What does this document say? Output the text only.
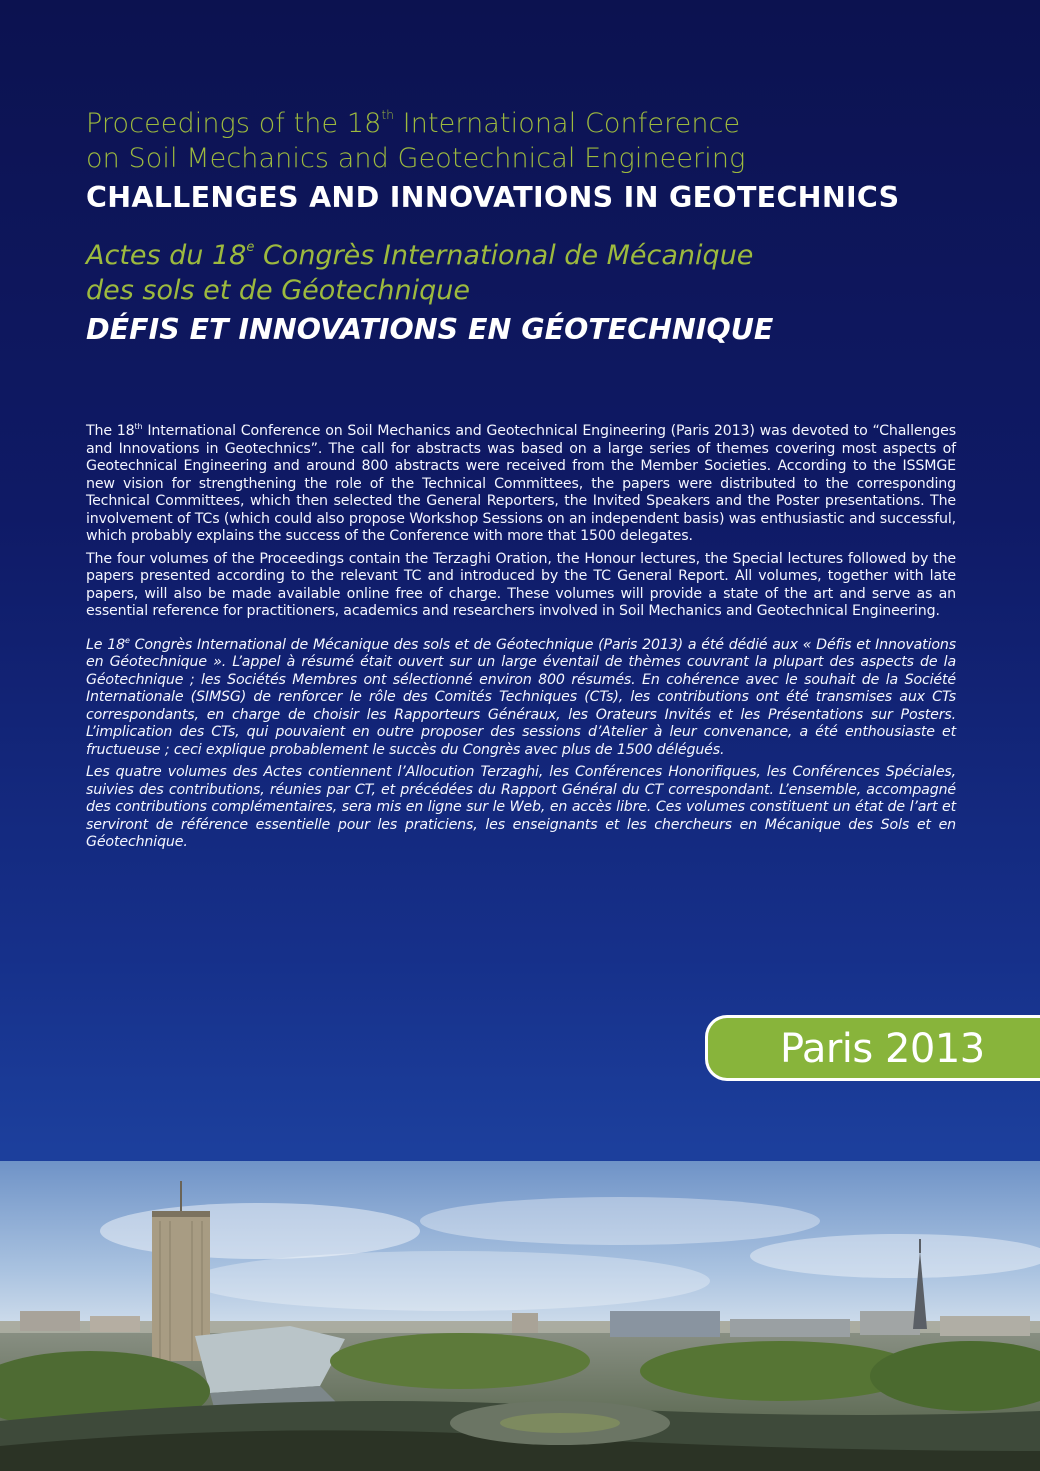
Proceedings of the 18th International Conference
on Soil Mechanics and Geotechnical Engineering
CHALLENGES AND INNOVATIONS IN GEOTECHNICS
Actes du 18e Congrès International de Mécanique
des sols et de Géotechnique
DÉFIS ET INNOVATIONS EN GÉOTECHNIQUE

The 18th International Conference on Soil Mechanics and Geotechnical Engineering (Paris 2013) was devoted to “Challenges and Innovations in Geotechnics”. The call for abstracts was based on a large series of themes covering most aspects of Geotechnical Engineering and around 800 abstracts were received from the Member Societies. According to the ISSMGE new vision for strengthening the role of the Technical Committees, the papers were distributed to the corresponding Technical Committees, which then selected the General Reporters, the Invited Speakers and the Poster presentations. The involvement of TCs (which could also propose Workshop Sessions on an independent basis) was enthusiastic and successful, which probably explains the success of the Conference with more that 1500 delegates.

The four volumes of the Proceedings contain the Terzaghi Oration, the Honour lectures, the Special lectures followed by the papers presented according to the relevant TC and introduced by the TC General Report. All volumes, together with late papers, will also be made available online free of charge. These volumes will provide a state of the art and serve as an essential reference for practitioners, academics and researchers involved in Soil Mechanics and Geotechnical Engineering.

Le 18e Congrès International de Mécanique des sols et de Géotechnique (Paris 2013) a été dédié aux « Défis et Innovations en Géotechnique ». L’appel à résumé était ouvert sur un large éventail de thèmes couvrant la plupart des aspects de la Géotechnique ; les Sociétés Membres ont sélectionné environ 800 résumés. En cohérence avec le souhait de la Société Internationale (SIMSG) de renforcer le rôle des Comités Techniques (CTs), les contributions ont été transmises aux CTs correspondants, en charge de choisir les Rapporteurs Généraux, les Orateurs Invités et les Présentations sur Posters. L’implication des CTs, qui pouvaient en outre proposer des sessions d’Atelier à leur convenance, a été enthousiaste et fructueuse ; ceci explique probablement le succès du Congrès avec plus de 1500 délégués.

Les quatre volumes des Actes contiennent l’Allocution Terzaghi, les Conférences Honorifiques, les Conférences Spéciales, suivies des contributions, réunies par CT, et précédées du Rapport Général du CT correspondant. L’ensemble, accompagné des contributions complémentaires, sera mis en ligne sur le Web, en accès libre. Ces volumes constituent un état de l’art et serviront de référence essentielle pour les praticiens, les enseignants et les chercheurs en Mécanique des Sols et en Géotechnique.

Paris 2013
